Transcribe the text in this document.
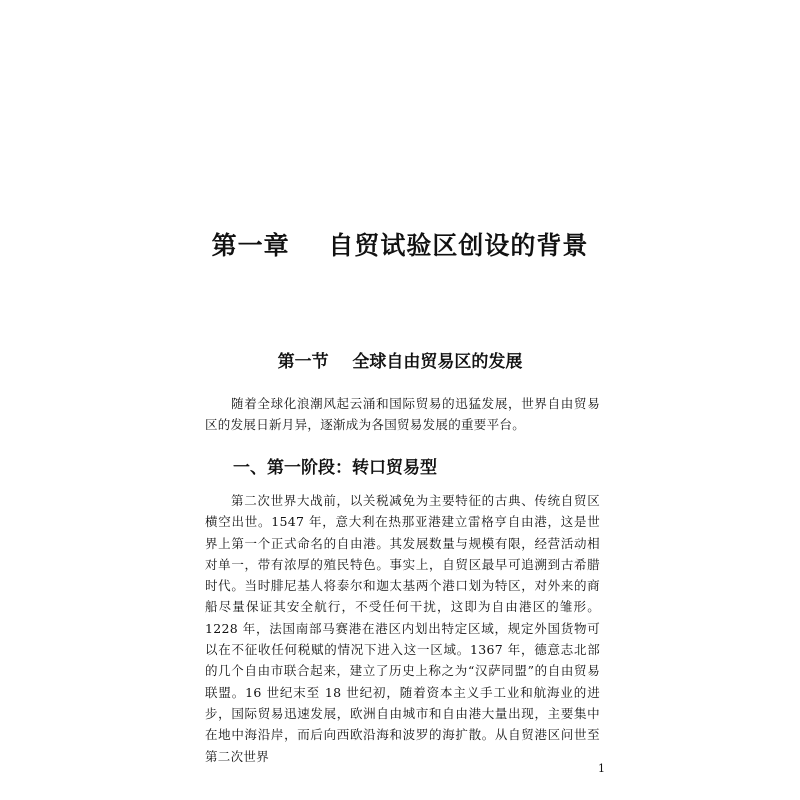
第一章    自贸试验区创设的背景
第一节    全球自由贸易区的发展

随着全球化浪潮风起云涌和国际贸易的迅猛发展，世界自由贸易区的发展日新月异，逐渐成为各国贸易发展的重要平台。

一、第一阶段：转口贸易型

第二次世界大战前，以关税减免为主要特征的古典、传统自贸区横空出世。1547 年，意大利在热那亚港建立雷格亨自由港，这是世界上第一个正式命名的自由港。其发展数量与规模有限，经营活动相对单一，带有浓厚的殖民特色。事实上，自贸区最早可追溯到古希腊时代。当时腓尼基人将泰尔和迦太基两个港口划为特区，对外来的商船尽量保证其安全航行，不受任何干扰，这即为自由港区的雏形。1228 年，法国南部马赛港在港区内划出特定区域，规定外国货物可以在不征收任何税赋的情况下进入这一区域。1367 年，德意志北部的几个自由市联合起来，建立了历史上称之为“汉萨同盟”的自由贸易联盟。16 世纪末至 18 世纪初，随着资本主义手工业和航海业的进步，国际贸易迅速发展，欧洲自由城市和自由港大量出现，主要集中在地中海沿岸，而后向西欧沿海和波罗的海扩散。从自贸港区问世至第二次世界

1
